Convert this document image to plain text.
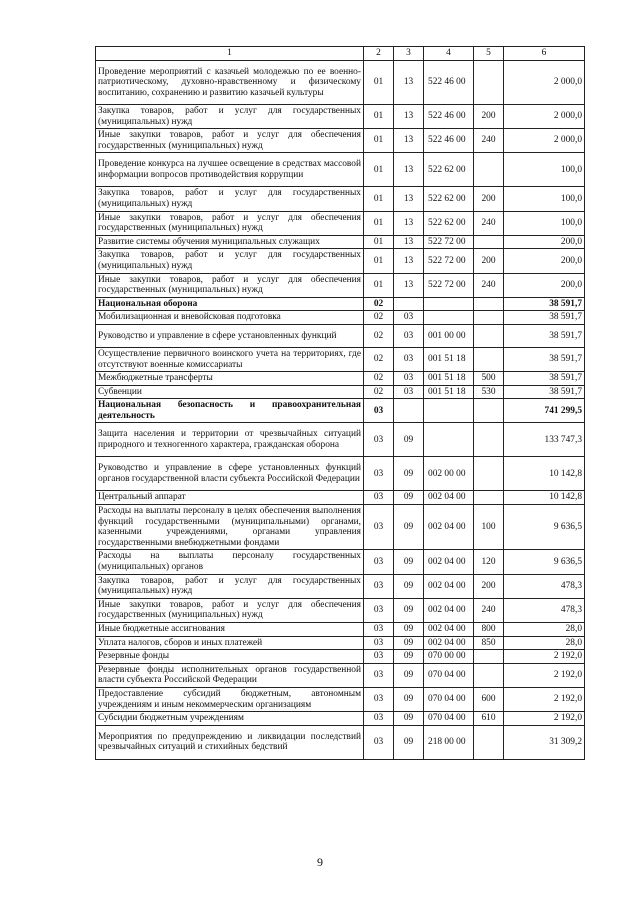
1	2	3	4	5	6
Проведение мероприятий с казачьей молодежью по ее военно-патриотическому, духовно-нравственному и физическому воспитанию, сохранению и развитию казачьей культуры	01	13	522 46 00		2 000,0
Закупка товаров, работ и услуг для государственных (муниципальных) нужд	01	13	522 46 00	200	2 000,0
Иные закупки товаров, работ и услуг для обеспечения государственных (муниципальных) нужд	01	13	522 46 00	240	2 000,0
Проведение конкурса на лучшее освещение в средствах массовой информации вопросов противодействия коррупции	01	13	522 62 00		100,0
Закупка товаров, работ и услуг для государственных (муниципальных) нужд	01	13	522 62 00	200	100,0
Иные закупки товаров, работ и услуг для обеспечения государственных (муниципальных) нужд	01	13	522 62 00	240	100,0
Развитие системы обучения муниципальных служащих	01	13	522 72 00		200,0
Закупка товаров, работ и услуг для государственных (муниципальных) нужд	01	13	522 72 00	200	200,0
Иные закупки товаров, работ и услуг для обеспечения государственных (муниципальных) нужд	01	13	522 72 00	240	200,0
Национальная оборона	02				38 591,7
Мобилизационная и вневойсковая подготовка	02	03			38 591,7
Руководство и управление в сфере установленных функций	02	03	001 00 00		38 591,7
Осуществление первичного воинского учета на территориях, где отсутствуют военные комиссариаты	02	03	001 51 18		38 591,7
Межбюджетные трансферты	02	03	001 51 18	500	38 591,7
Субвенции	02	03	001 51 18	530	38 591,7
Национальная безопасность и правоохранительная деятельность	03				741 299,5
Защита населения и территории от чрезвычайных ситуаций природного и техногенного характера, гражданская оборона	03	09			133 747,3
Руководство и управление в сфере установленных функций органов государственной власти субъекта Российской Федерации	03	09	002 00 00		10 142,8
Центральный аппарат	03	09	002 04 00		10 142,8
Расходы на выплаты персоналу в целях обеспечения выполнения функций государственными (муниципальными) органами, казенными учреждениями, органами управления государственными внебюджетными фондами	03	09	002 04 00	100	9 636,5
Расходы на выплаты персоналу государственных (муниципальных) органов	03	09	002 04 00	120	9 636,5
Закупка товаров, работ и услуг для государственных (муниципальных) нужд	03	09	002 04 00	200	478,3
Иные закупки товаров, работ и услуг для обеспечения государственных (муниципальных) нужд	03	09	002 04 00	240	478,3
Иные бюджетные ассигнования	03	09	002 04 00	800	28,0
Уплата налогов, сборов и иных платежей	03	09	002 04 00	850	28,0
Резервные фонды	03	09	070 00 00		2 192,0
Резервные фонды исполнительных органов государственной власти субъекта Российской Федерации	03	09	070 04 00		2 192,0
Предоставление субсидий бюджетным, автономным учреждениям и иным некоммерческим организациям	03	09	070 04 00	600	2 192,0
Субсидии бюджетным учреждениям	03	09	070 04 00	610	2 192,0
Мероприятия по предупреждению и ликвидации последствий чрезвычайных ситуаций и стихийных бедствий	03	09	218 00 00		31 309,2
9
